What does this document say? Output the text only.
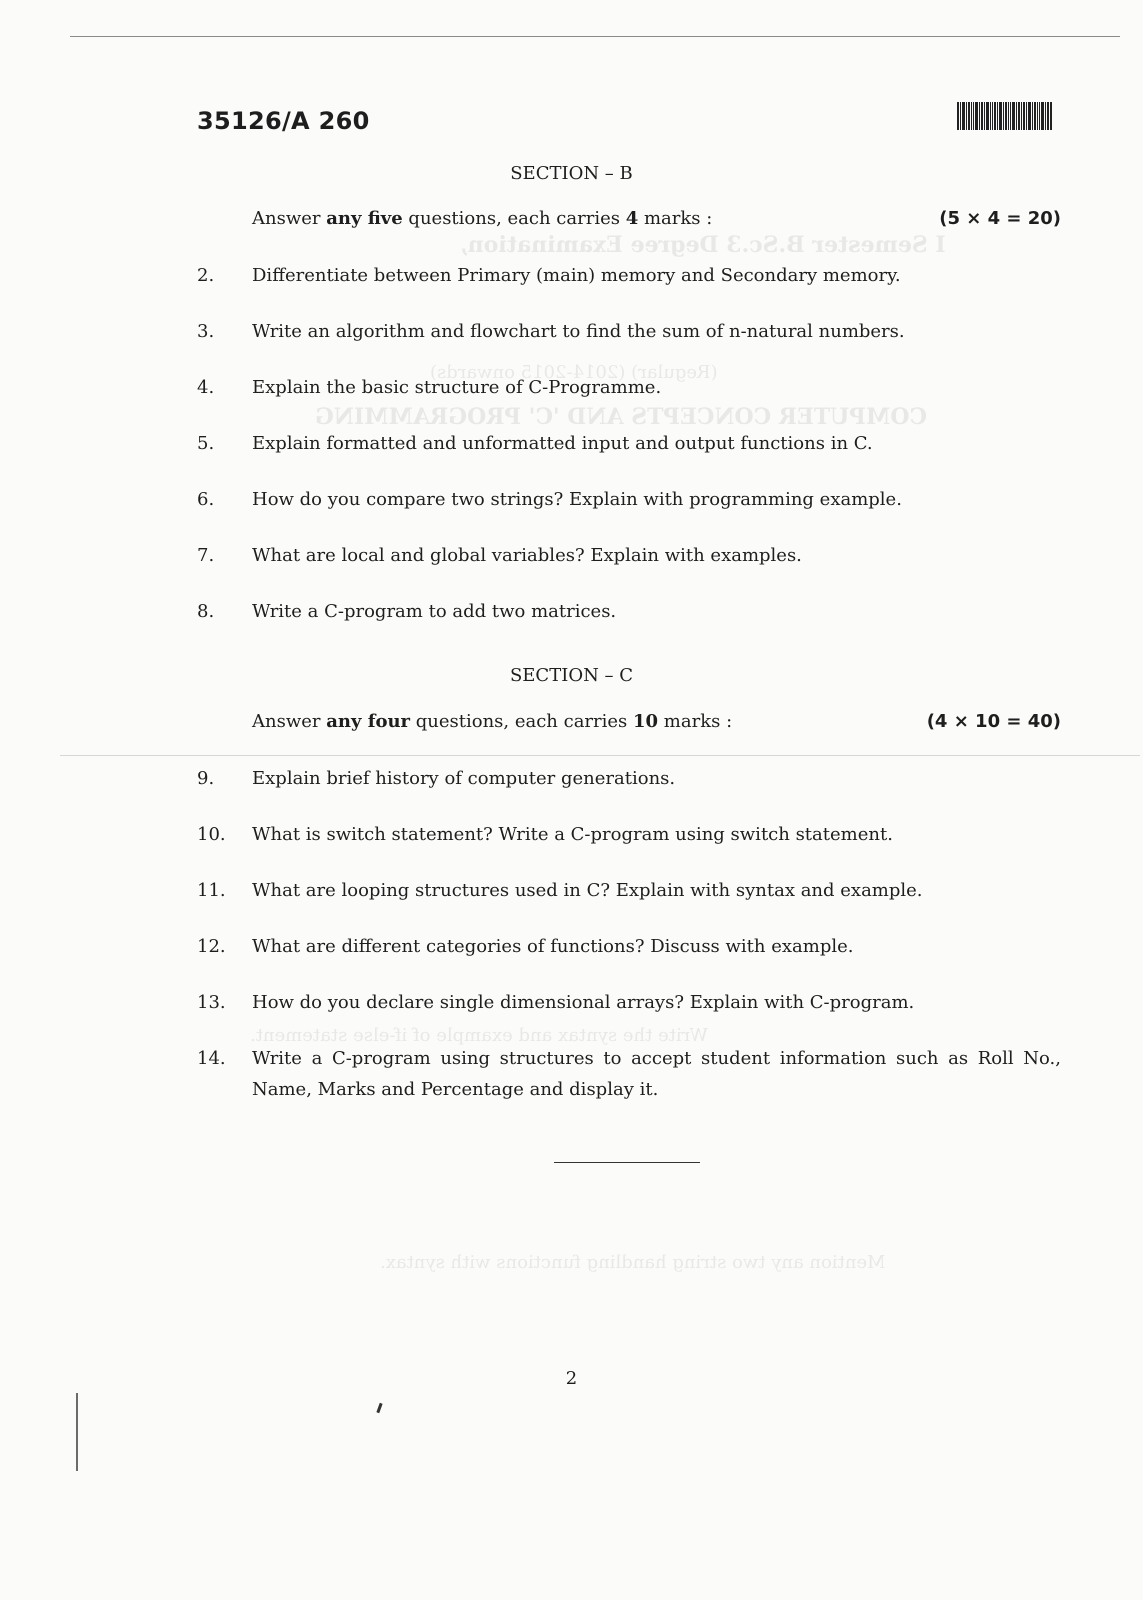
I Semester B.Sc.3 Degree Examination,
(Regular) (2014-2015 onwards)
COMPUTER CONCEPTS AND 'C' PROGRAMMING
Write the syntax and example of if-else statement.
Mention any two string handling functions with syntax.
35126/A 260
SECTION – B
Answer any five questions, each carries 4 marks :	(5 × 4 = 20)
2.	Differentiate between Primary (main) memory and Secondary memory.
3.	Write an algorithm and flowchart to find the sum of n-natural numbers.
4.	Explain the basic structure of C-Programme.
5.	Explain formatted and unformatted input and output functions in C.
6.	How do you compare two strings? Explain with programming example.
7.	What are local and global variables? Explain with examples.
8.	Write a C-program to add two matrices.
SECTION – C
Answer any four questions, each carries 10 marks :	(4 × 10 = 40)
9.	Explain brief history of computer generations.
10.	What is switch statement? Write a C-program using switch statement.
11.	What are looping structures used in C? Explain with syntax and example.
12.	What are different categories of functions? Discuss with example.
13.	How do you declare single dimensional arrays? Explain with C-program.
14.	Write a C-program using structures to accept student information such as Roll No., Name, Marks and Percentage and display it.
2
